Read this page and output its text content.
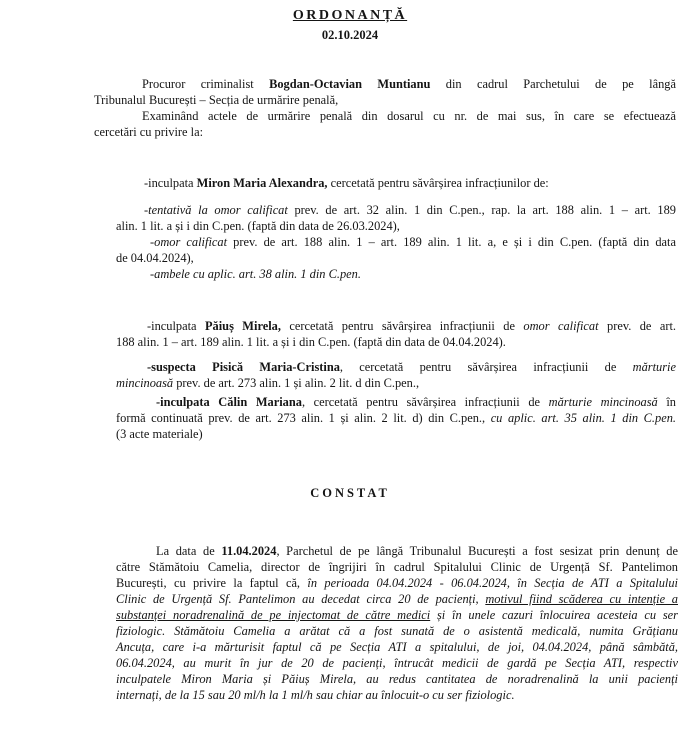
ORDONANȚĂ
02.10.2024
Procuror criminalist Bogdan-Octavian Muntianu din cadrul Parchetului de pe lângă
Tribunalul București – Secția de urmărire penală,
Examinând actele de urmărire penală din dosarul cu nr. de mai sus, în care se efectuează
cercetări cu privire la:
-inculpata Miron Maria Alexandra, cercetată pentru săvârșirea infracțiunilor de:
-tentativă la omor calificat prev. de art. 32 alin. 1 din C.pen., rap. la art. 188 alin. 1 – art. 189
alin. 1 lit. a și i din C.pen. (faptă din data de 26.03.2024),
-omor calificat prev. de art. 188 alin. 1 – art. 189 alin. 1 lit. a, e și i din C.pen. (faptă din data
de 04.04.2024),
-ambele cu aplic. art. 38 alin. 1 din C.pen.
-inculpata Păiuș Mirela, cercetată pentru săvârșirea infracțiunii de omor calificat prev. de art.
188 alin. 1 – art. 189 alin. 1 lit. a și i din C.pen. (faptă din data de 04.04.2024).
-suspecta Pisică Maria-Cristina, cercetată pentru săvârșirea infracțiunii de mărturie
mincinoasă prev. de art. 273 alin. 1 și alin. 2 lit. d din C.pen.,
-inculpata Călin Mariana, cercetată pentru săvârșirea infracțiunii de mărturie mincinoasă în
formă continuată prev. de art. 273 alin. 1 și alin. 2 lit. d) din C.pen., cu aplic. art. 35 alin. 1 din C.pen.
(3 acte materiale)
CONSTAT
La data de 11.04.2024, Parchetul de pe lângă Tribunalul București a fost sesizat prin denunț de
către Stămătoiu Camelia, director de îngrijiri în cadrul Spitalului Clinic de Urgență Sf. Pantelimon
București, cu privire la faptul că, în perioada 04.04.2024 - 06.04.2024, în Secția de ATI a Spitalului
Clinic de Urgență Sf. Pantelimon au decedat circa 20 de pacienți, motivul fiind scăderea cu intenție a
substanței noradrenalină de pe injectomat de către medici și în unele cazuri înlocuirea acesteia cu ser
fiziologic. Stămătoiu Camelia a arătat că a fost sunată de o asistentă medicală, numita Grățianu
Ancuța, care i-a mărturisit faptul că pe Secția ATI a spitalului, de joi, 04.04.2024, până sâmbătă,
06.04.2024, au murit în jur de 20 de pacienți, întrucât medicii de gardă pe Secția ATI, respectiv
inculpatele Miron Maria și Păiuș Mirela, au redus cantitatea de noradrenalină la unii pacienți
internați, de la 15 sau 20 ml/h la 1 ml/h sau chiar au înlocuit-o cu ser fiziologic.
